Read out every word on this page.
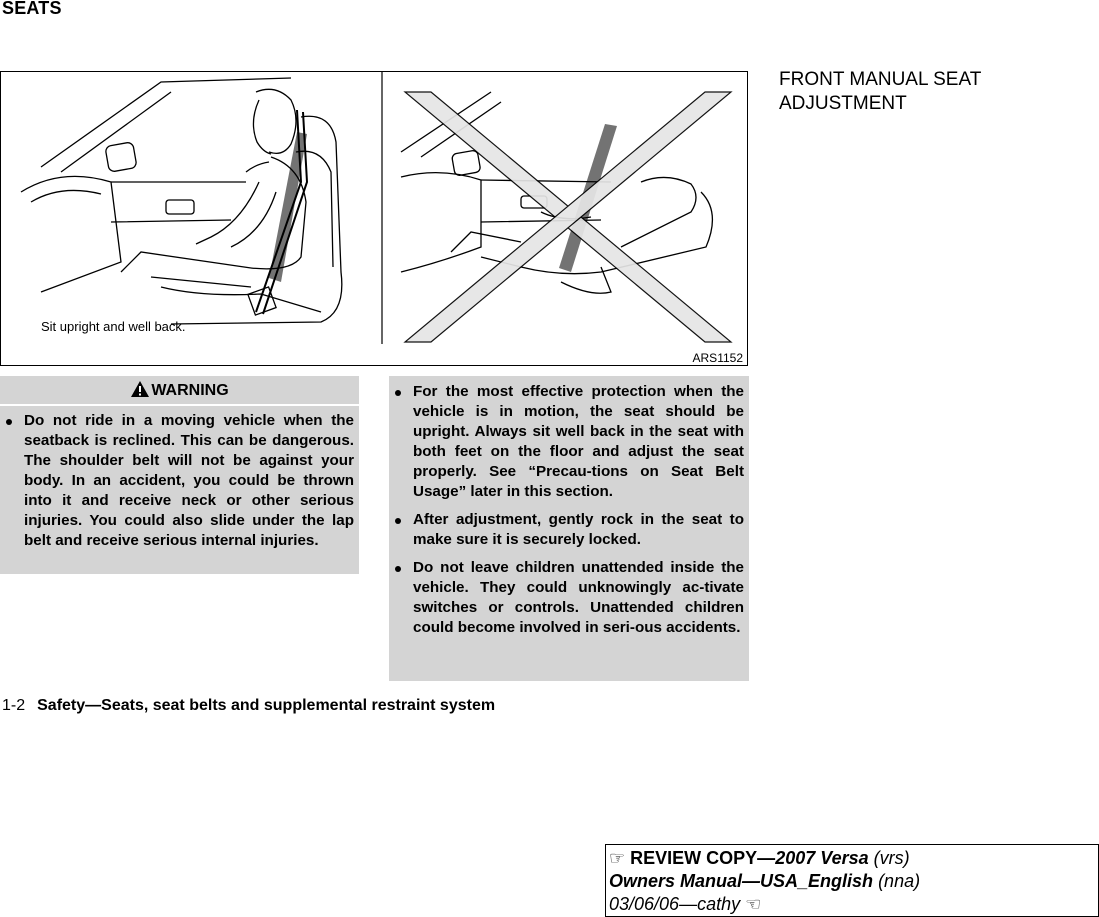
SEATS
Sit upright and well back.
ARS1152
FRONT MANUAL SEAT ADJUSTMENT
WARNING
Do not ride in a moving vehicle when the seatback is reclined. This can be dangerous. The shoulder belt will not be against your body. In an accident, you could be thrown into it and receive neck or other serious injuries. You could also slide under the lap belt and receive serious internal injuries.
For the most effective protection when the vehicle is in motion, the seat should be upright. Always sit well back in the seat with both feet on the floor and adjust the seat properly. See “Precau-tions on Seat Belt Usage” later in this section.
After adjustment, gently rock in the seat to make sure it is securely locked.
Do not leave children unattended inside the vehicle. They could unknowingly ac-tivate switches or controls. Unattended children could become involved in seri-ous accidents.
1-2 Safety—Seats, seat belts and supplemental restraint system
☞ REVIEW COPY—2007 Versa (vrs)
Owners Manual—USA_English (nna)
03/06/06—cathy ☜
